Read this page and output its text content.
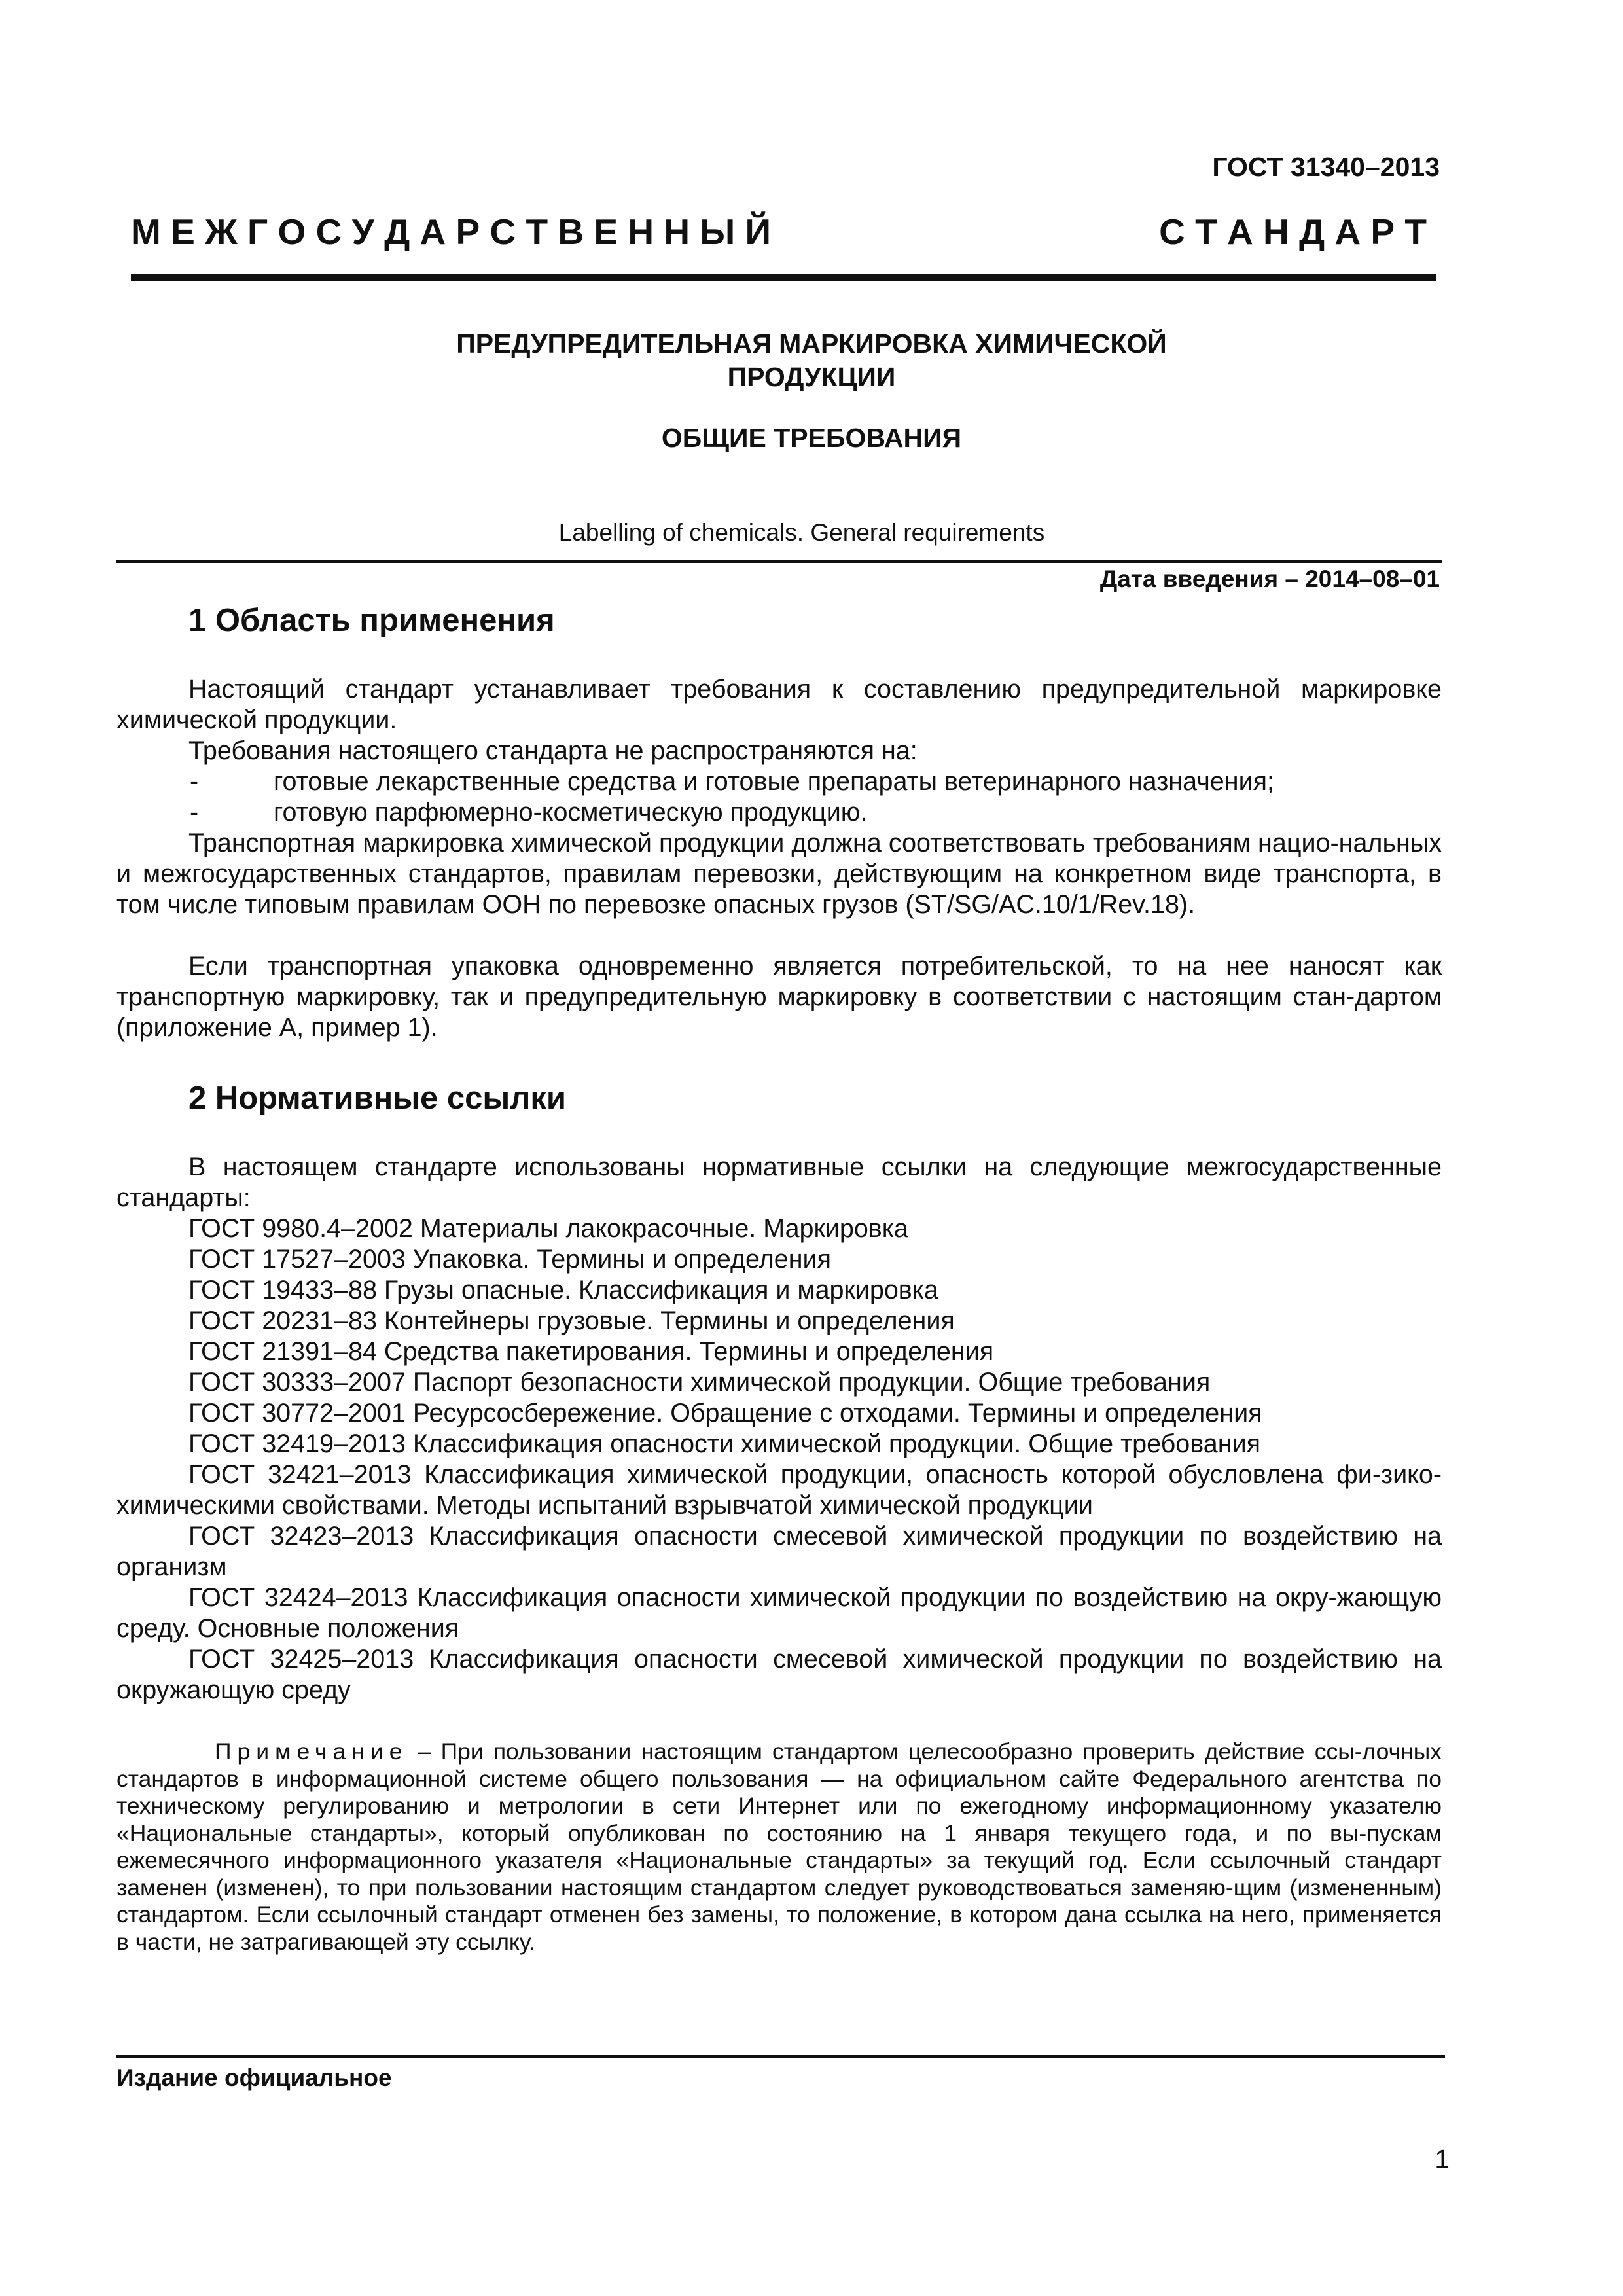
ГОСТ 31340–2013
М Е Ж Г О С У Д А Р С Т В Е Н Н Ы Й	С Т А Н Д А Р Т
ПРЕДУПРЕДИТЕЛЬНАЯ МАРКИРОВКА ХИМИЧЕСКОЙ
ПРОДУКЦИИ
ОБЩИЕ ТРЕБОВАНИЯ
Labelling of chemicals. General requirements
Дата введения – 2014–08–01
1 Область применения
Настоящий стандарт устанавливает требования к составлению предупредительной маркировке химической продукции.
Требования настоящего стандарта не распространяются на:
-	готовые лекарственные средства и готовые препараты ветеринарного назначения;
-	готовую парфюмерно-косметическую продукцию.
Транспортная маркировка химической продукции должна соответствовать требованиям нацио-нальных и межгосударственных стандартов, правилам перевозки, действующим на конкретном виде транспорта, в том числе типовым правилам ООН по перевозке опасных грузов (ST/SG/AC.10/1/Rev.18).
Если транспортная упаковка одновременно является потребительской, то на нее наносят как транспортную маркировку, так и предупредительную маркировку в соответствии с настоящим стан-дартом (приложение А, пример 1).
2 Нормативные ссылки
В настоящем стандарте использованы нормативные ссылки на следующие межгосударственные стандарты:
ГОСТ 9980.4–2002 Материалы лакокрасочные. Маркировка
ГОСТ 17527–2003 Упаковка. Термины и определения
ГОСТ 19433–88 Грузы опасные. Классификация и маркировка
ГОСТ 20231–83 Контейнеры грузовые. Термины и определения
ГОСТ 21391–84 Средства пакетирования. Термины и определения
ГОСТ 30333–2007 Паспорт безопасности химической продукции. Общие требования
ГОСТ 30772–2001 Ресурсосбережение. Обращение с отходами. Термины и определения
ГОСТ 32419–2013 Классификация опасности химической продукции. Общие требования
ГОСТ 32421–2013 Классификация химической продукции, опасность которой обусловлена фи-зико-химическими свойствами. Методы испытаний взрывчатой химической продукции
ГОСТ 32423–2013 Классификация опасности смесевой химической продукции по воздействию на организм
ГОСТ 32424–2013 Классификация опасности химической продукции по воздействию на окру-жающую среду. Основные положения
ГОСТ 32425–2013 Классификация опасности смесевой химической продукции по воздействию на окружающую среду
Примечание – При пользовании настоящим стандартом целесообразно проверить действие ссы-лочных стандартов в информационной системе общего пользования — на официальном сайте Федерального агентства по техническому регулированию и метрологии в сети Интернет или по ежегодному информационному указателю «Национальные стандарты», который опубликован по состоянию на 1 января текущего года, и по вы-пускам ежемесячного информационного указателя «Национальные стандарты» за текущий год. Если ссылочный стандарт заменен (изменен), то при пользовании настоящим стандартом следует руководствоваться заменяю-щим (измененным) стандартом. Если ссылочный стандарт отменен без замены, то положение, в котором дана ссылка на него, применяется в части, не затрагивающей эту ссылку.
Издание официальное
1
